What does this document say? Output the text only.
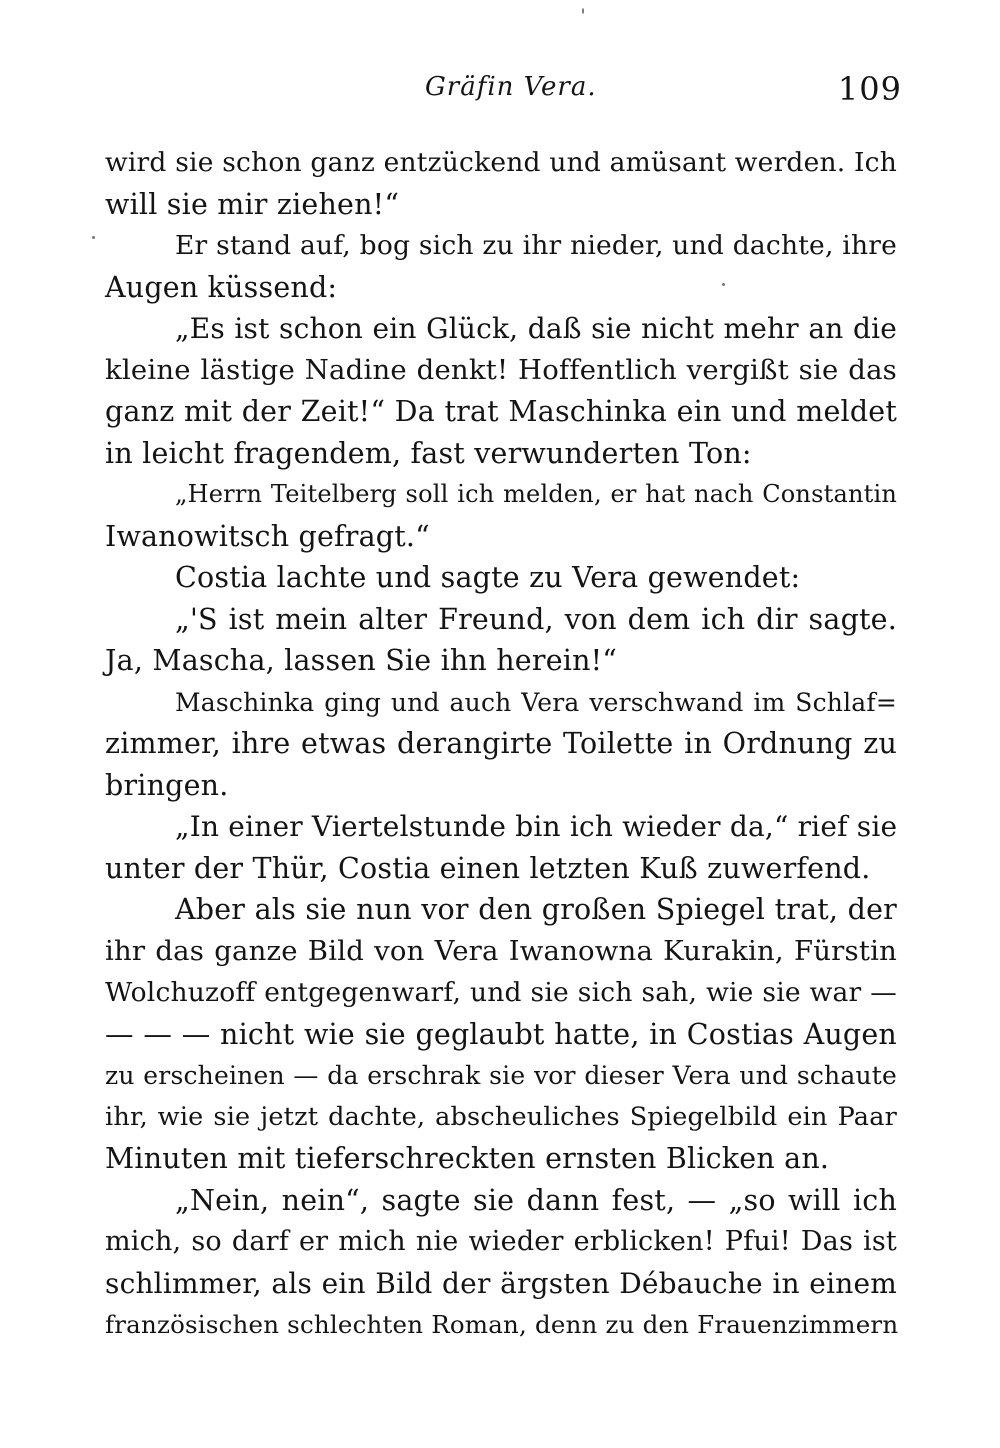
Gräfin Vera.	109
wird sie schon ganz entzückend und amüsant werden. Ich
will sie mir ziehen!“
Er stand auf, bog sich zu ihr nieder, und dachte, ihre
Augen küssend:
„Es ist schon ein Glück, daß sie nicht mehr an die
kleine lästige Nadine denkt! Hoffentlich vergißt sie das
ganz mit der Zeit!“ Da trat Maschinka ein und meldet
in leicht fragendem, fast verwunderten Ton:
„Herrn Teitelberg soll ich melden, er hat nach Constantin
Iwanowitsch gefragt.“
Costia lachte und sagte zu Vera gewendet:
„'S ist mein alter Freund, von dem ich dir sagte.
Ja, Mascha, lassen Sie ihn herein!“
Maschinka ging und auch Vera verschwand im Schlaf=
zimmer, ihre etwas derangirte Toilette in Ordnung zu
bringen.
„In einer Viertelstunde bin ich wieder da,“ rief sie
unter der Thür, Costia einen letzten Kuß zuwerfend.
Aber als sie nun vor den großen Spiegel trat, der
ihr das ganze Bild von Vera Iwanowna Kurakin, Fürstin
Wolchuzoff entgegenwarf, und sie sich sah, wie sie war —
— — — nicht wie sie geglaubt hatte, in Costias Augen
zu erscheinen — da erschrak sie vor dieser Vera und schaute
ihr, wie sie jetzt dachte, abscheuliches Spiegelbild ein Paar
Minuten mit tieferschreckten ernsten Blicken an.
„Nein, nein“, sagte sie dann fest, — „so will ich
mich, so darf er mich nie wieder erblicken! Pfui! Das ist
schlimmer, als ein Bild der ärgsten Débauche in einem
französischen schlechten Roman, denn zu den Frauenzimmern
